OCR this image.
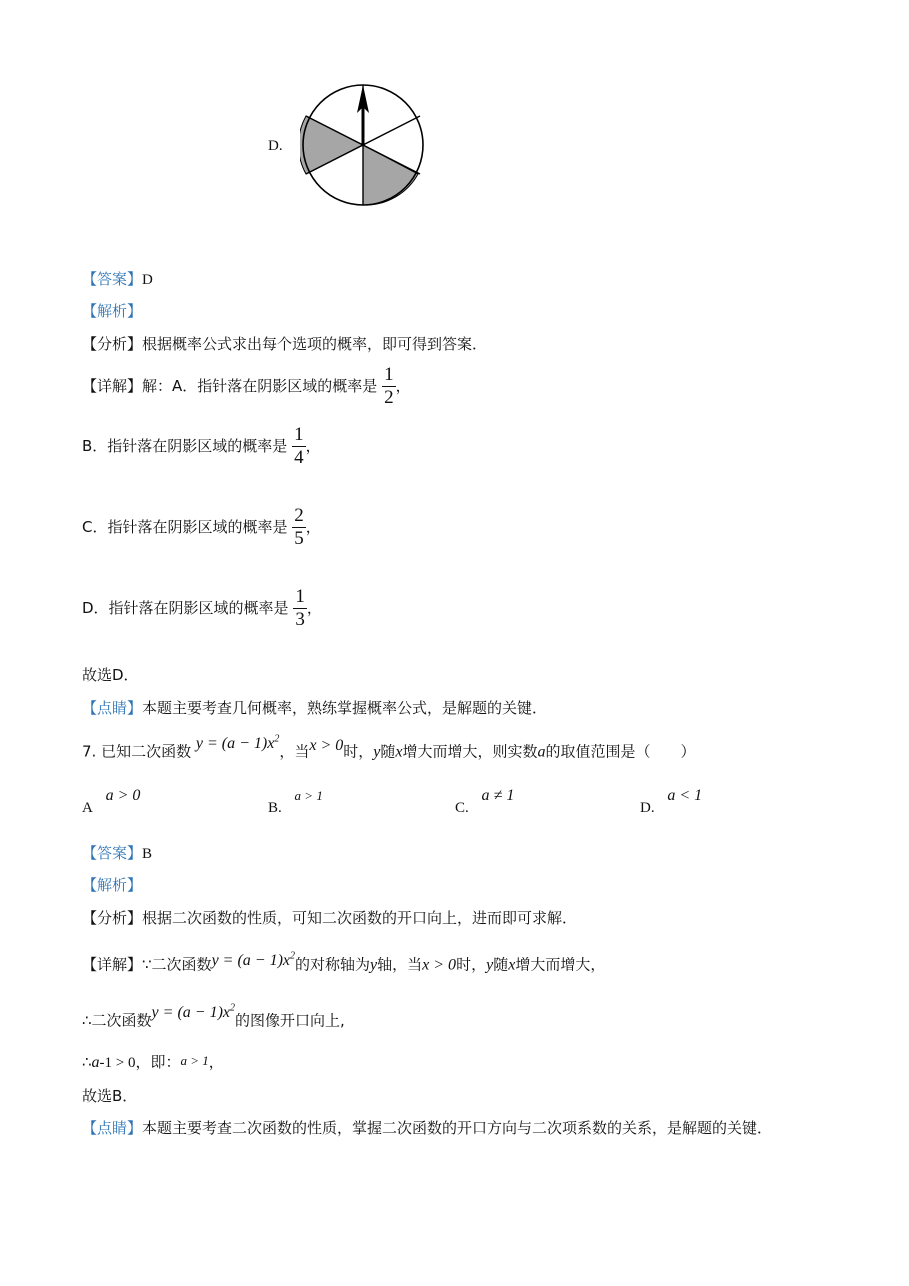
D.
【答案】D
【解析】
【分析】根据概率公式求出每个选项的概率，即可得到答案．
【详解】解：A．指针落在阴影区域的概率是 $\frac{1}{2}$ ，
B．指针落在阴影区域的概率是 $\frac{1}{4}$ ，
C．指针落在阴影区域的概率是 $\frac{2}{5}$ ，
D．指针落在阴影区域的概率是 $\frac{1}{3}$ ，
故选D．
【点睛】本题主要考查几何概率，熟练掌握概率公式，是解题的关键．
7. 已知二次函数 $y = (a - 1)x^2$，当x > 0时，y随x增大而增大，则实数a的取值范围是（　　）
A a > 0
B. a > 1
C. a ≠ 1
D. a < 1
【答案】B
【解析】
【分析】根据二次函数的性质，可知二次函数的开口向上，进而即可求解．
【详解】∵二次函数$y = (a - 1)x^2$的对称轴为y轴，当x > 0时，y随x增大而增大，
∴二次函数$y = (a - 1)x^2$的图像开口向上,
∴a-1 > 0，即：a > 1，
故选B．
【点睛】本题主要考查二次函数的性质，掌握二次函数的开口方向与二次项系数的关系，是解题的关键．
